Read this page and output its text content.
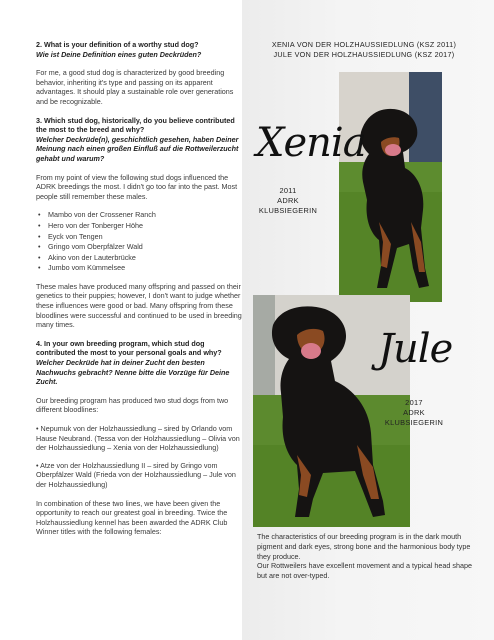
2. What is your definition of a worthy stud dog?
Wie ist Deine Definition eines guten Deckrüden?

For me, a good stud dog is characterized by good breeding behavior, inheriting it's type and passing on its apparent advantages. It should play a sustainable role over generations and be recognizable.

3. Which stud dog, historically, do you believe contributed the most to the breed and why?
Welcher Deckrüde(n), geschichtlich gesehen, haben Deiner Meinung nach einen großen Einfluß auf die Rottweilerzucht gehabt und warum?

From my point of view the following stud dogs influenced the ADRK breedings the most. I didn't go too far into the past. Most people still remember these males.

• Mambo von der Crossener Ranch
• Hero von der Tonberger Höhe
• Eyck von Tengen
• Gringo vom Oberpfälzer Wald
• Akino von der Lauterbrücke
• Jumbo vom Kümmelsee

These males have produced many offspring and passed on their genetics to their puppies; however, I don't want to judge whether these influences were good or bad. Many offspring from these bloodlines were successful and continued to be used in breeding many times.

4. In your own breeding program, which stud dog contributed the most to your personal goals and why?
Welcher Deckrüde hat in deiner Zucht den besten Nachwuchs gebracht? Nenne bitte die Vorzüge für Deine Zucht.

Our breeding program has produced two stud dogs from two different bloodlines:

• Nepumuk von der Holzhaussiedlung – sired by Orlando vom Hause Neubrand. (Tessa von der Holzhaussiedlung – Olivia von der Holzhaussiedlung – Xenia von der Holzhaussiedlung)

• Atze von der Holzhaussiedlung II – sired by Gringo vom Oberpfälzer Wald (Frieda von der Holzhaussiedlung – Jule von der Holzhaussiedlung)

In combination of these two lines, we have been given the opportunity to reach our greatest goal in breeding. Twice the Holzhaussiedlung kennel has been awarded the ADRK Club Winner titles with the following females:

XENIA VON DER HOLZHAUSSIEDLUNG (KSZ 2011)
JULE VON DER HOLZHAUSSIEDLUNG (KSZ 2017)
Xenia
2011
ADRK
KLUBSIEGERIN
Jule
2017
ADRK
KLUBSIEGERIN

The characteristics of our breeding program is in the dark mouth pigment and dark eyes, strong bone and the harmonious body type they produce.

Our Rottweilers have excellent movement and a typical head shape but are not over-typed.
